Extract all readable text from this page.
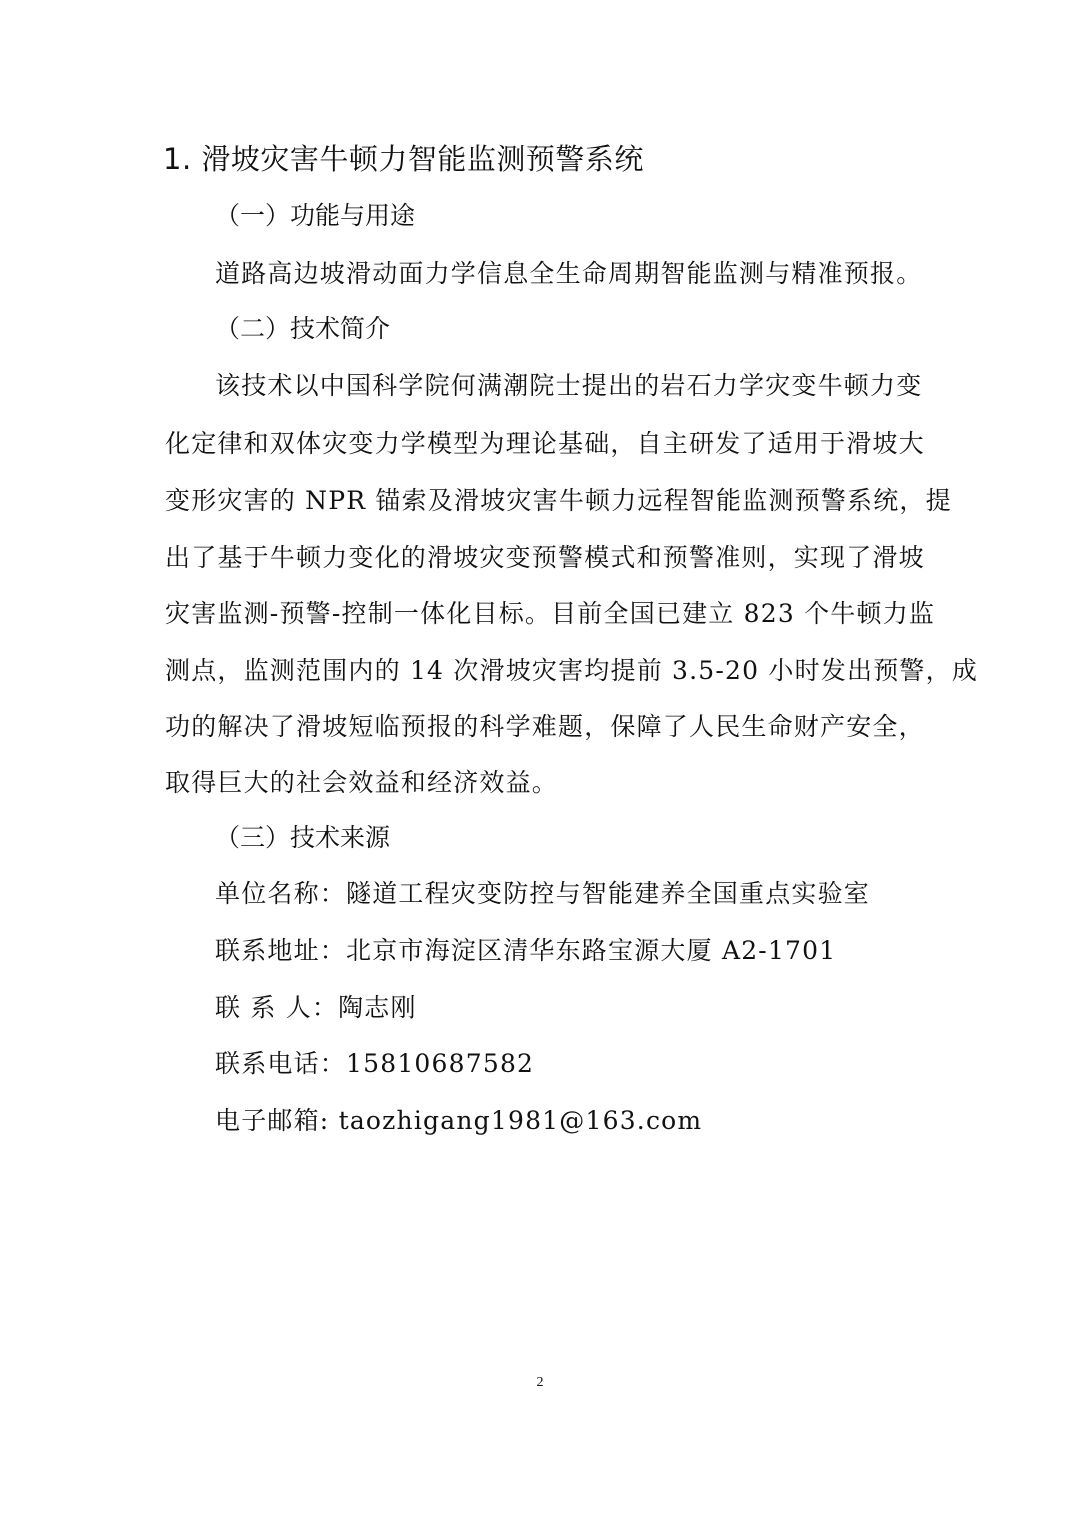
1. 滑坡灾害牛顿力智能监测预警系统
（一）功能与用途
道路高边坡滑动面力学信息全生命周期智能监测与精准预报。
（二）技术简介
该技术以中国科学院何满潮院士提出的岩石力学灾变牛顿力变
化定律和双体灾变力学模型为理论基础，自主研发了适用于滑坡大
变形灾害的 NPR 锚索及滑坡灾害牛顿力远程智能监测预警系统，提
出了基于牛顿力变化的滑坡灾变预警模式和预警准则，实现了滑坡
灾害监测-预警-控制一体化目标。目前全国已建立 823 个牛顿力监
测点，监测范围内的 14 次滑坡灾害均提前 3.5-20 小时发出预警，成
功的解决了滑坡短临预报的科学难题，保障了人民生命财产安全，
取得巨大的社会效益和经济效益。
（三）技术来源
单位名称：隧道工程灾变防控与智能建养全国重点实验室
联系地址：北京市海淀区清华东路宝源大厦 A2-1701
联 系 人：陶志刚
联系电话：15810687582
电子邮箱: taozhigang1981@163.com
2
